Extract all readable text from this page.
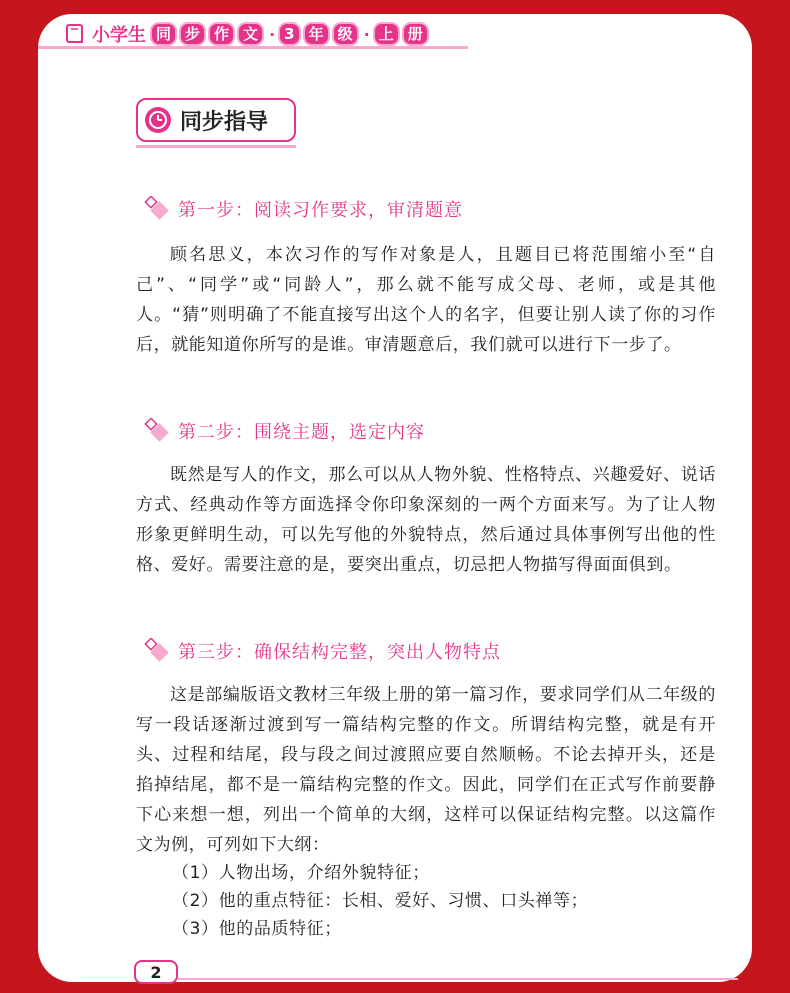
小学生 同 步 作 文 · 3 年 级 · 上 册
同步指导
第一步：阅读习作要求，审清题意

顾名思义，本次习作的写作对象是人，且题目已将范围缩小至“自己”、“同学”或“同龄人”，那么就不能写成父母、老师，或是其他人。“猜”则明确了不能直接写出这个人的名字，但要让别人读了你的习作后，就能知道你所写的是谁。审清题意后，我们就可以进行下一步了。

第二步：围绕主题，选定内容

既然是写人的作文，那么可以从人物外貌、性格特点、兴趣爱好、说话方式、经典动作等方面选择令你印象深刻的一两个方面来写。为了让人物形象更鲜明生动，可以先写他的外貌特点，然后通过具体事例写出他的性格、爱好。需要注意的是，要突出重点，切忌把人物描写得面面俱到。

第三步：确保结构完整，突出人物特点

这是部编版语文教材三年级上册的第一篇习作，要求同学们从二年级的写一段话逐渐过渡到写一篇结构完整的作文。所谓结构完整，就是有开头、过程和结尾，段与段之间过渡照应要自然顺畅。不论去掉开头，还是掐掉结尾，都不是一篇结构完整的作文。因此，同学们在正式写作前要静下心来想一想，列出一个简单的大纲，这样可以保证结构完整。以这篇作文为例，可列如下大纲：

（1）人物出场，介绍外貌特征；
（2）他的重点特征：长相、爱好、习惯、口头禅等；
（3）他的品质特征；
2
